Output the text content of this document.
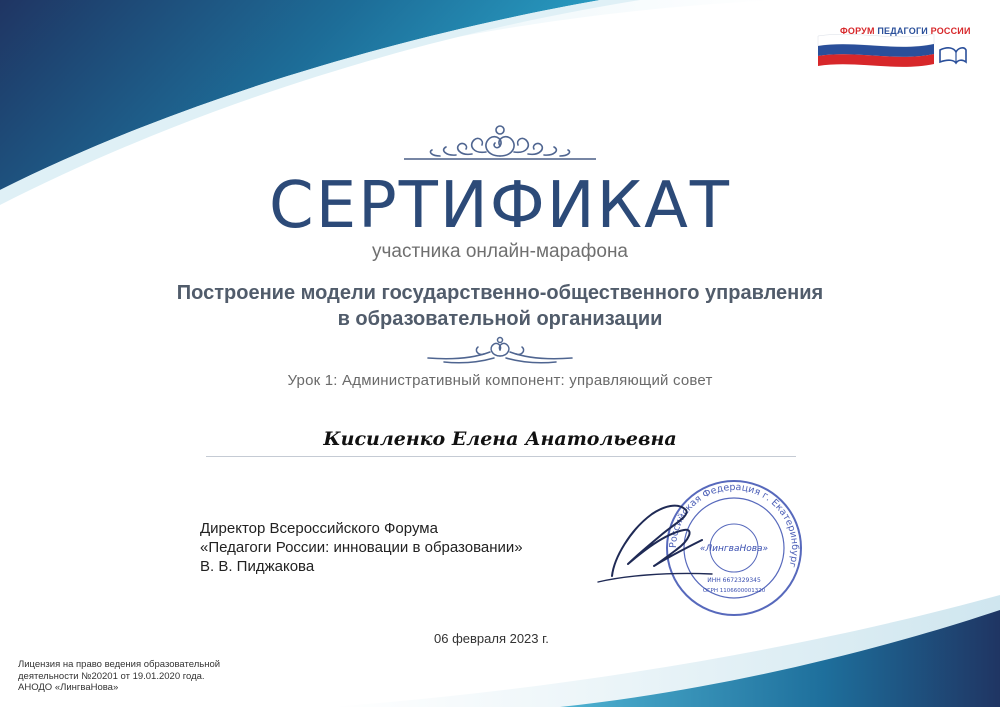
ФОРУМ ПЕДАГОГИ РОССИИ
СЕРТИФИКАТ
участника онлайн-марафона
Построение модели государственно-общественного управления
в образовательной организации
Урок 1: Административный компонент: управляющий совет
Кисиленко Елена Анатольевна
Директор Всероссийского Форума
«Педагоги России: инновации в образовании»
В. В. Пиджакова
Российская Федерация г. Екатеринбург
«ЛингваНова»
ИНН 6672329345
ОГРН 1106600001320
06 февраля 2023 г.
Лицензия на право ведения образовательной
деятельности №20201 от 19.01.2020 года.
АНОДО «ЛингваНова»
